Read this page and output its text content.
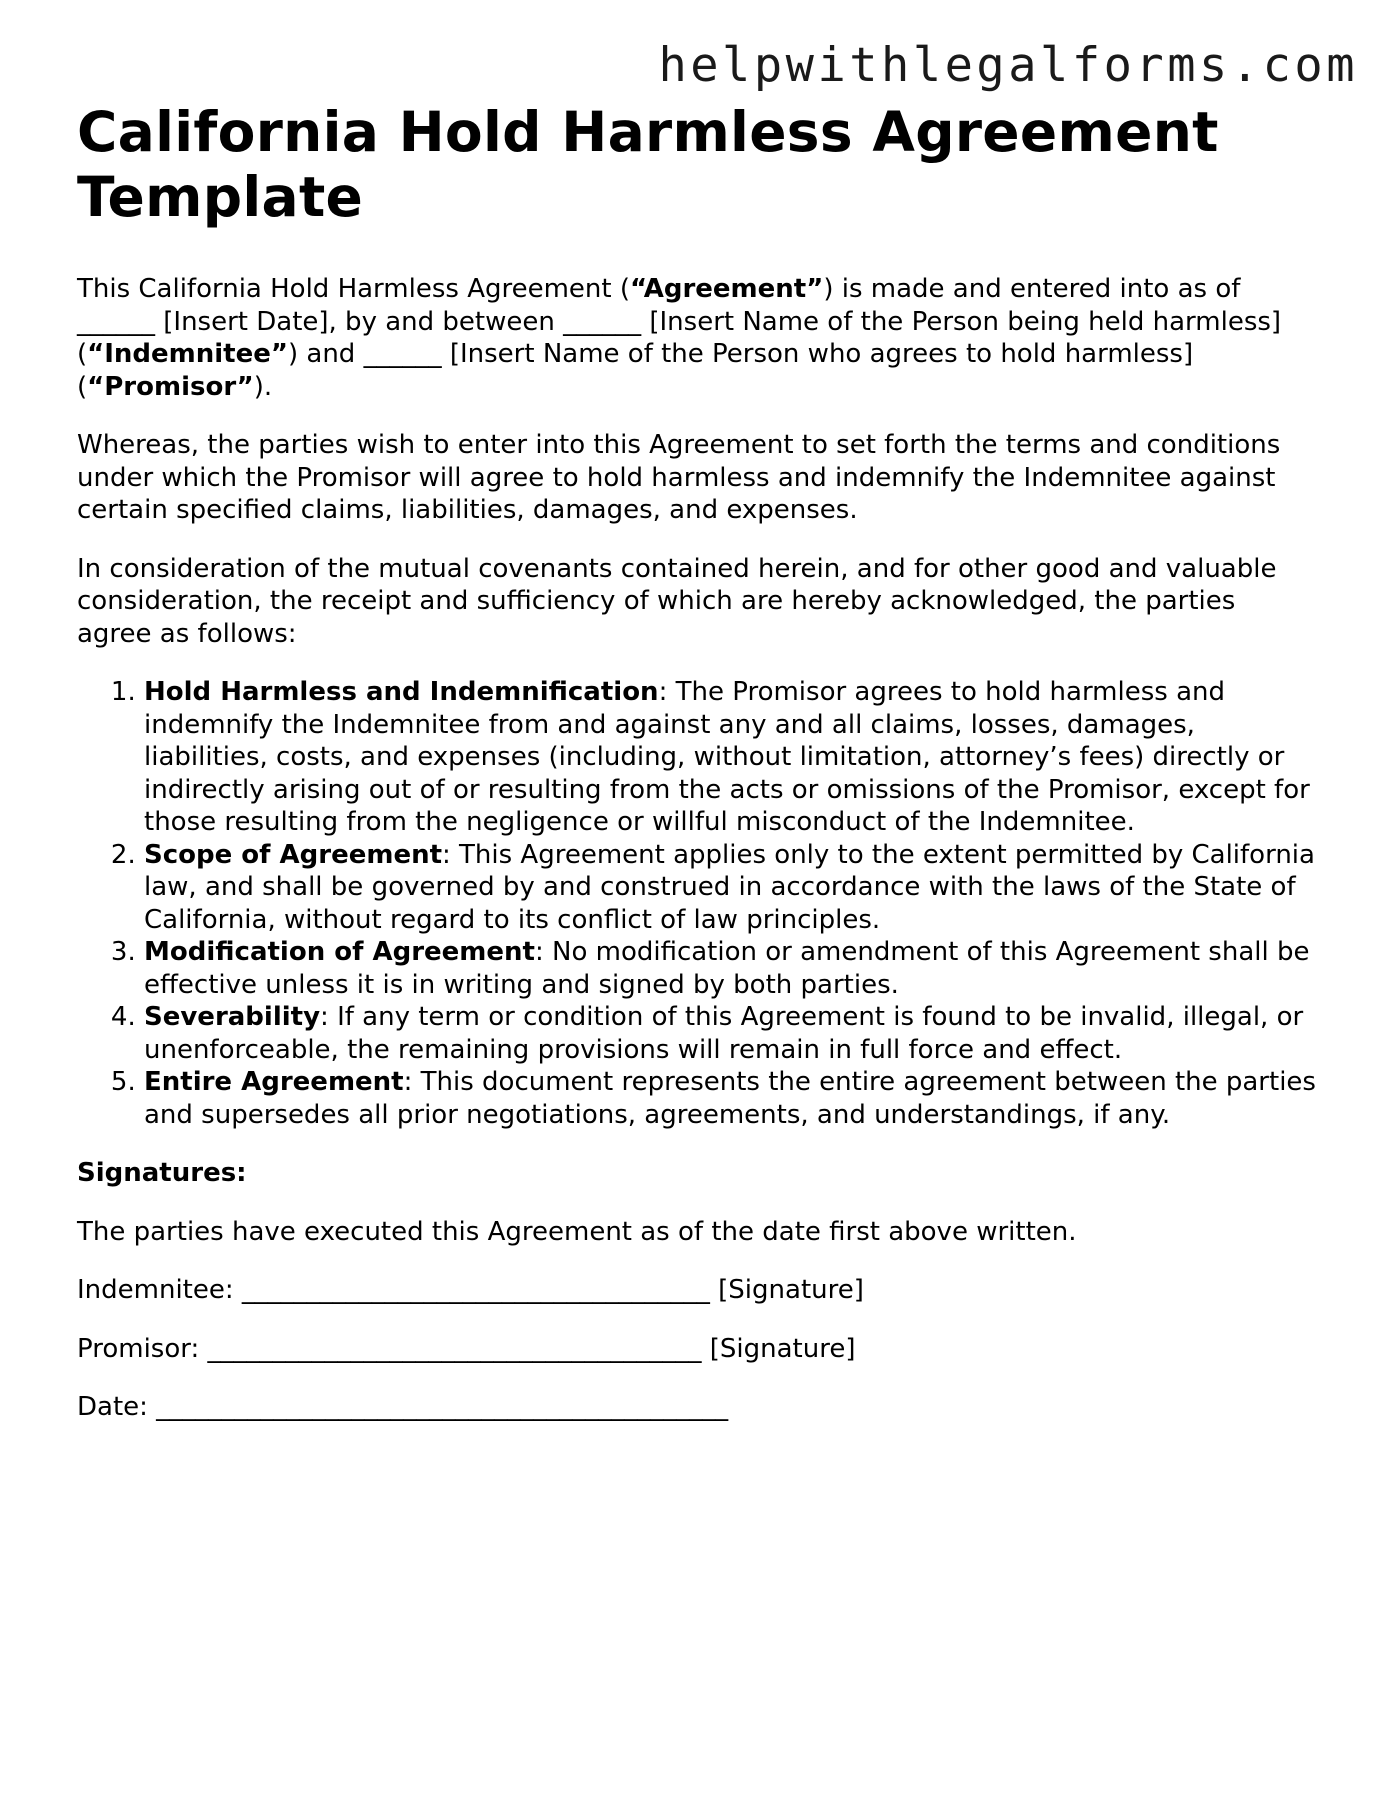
helpwithlegalforms.com
California Hold Harmless Agreement Template

This California Hold Harmless Agreement (“Agreement”) is made and entered into as of ______ [Insert Date], by and between ______ [Insert Name of the Person being held harmless] (“Indemnitee”) and ______ [Insert Name of the Person who agrees to hold harmless] (“Promisor”).

Whereas, the parties wish to enter into this Agreement to set forth the terms and conditions under which the Promisor will agree to hold harmless and indemnify the Indemnitee against certain specified claims, liabilities, damages, and expenses.

In consideration of the mutual covenants contained herein, and for other good and valuable consideration, the receipt and sufficiency of which are hereby acknowledged, the parties agree as follows:

1. Hold Harmless and Indemnification: The Promisor agrees to hold harmless and indemnify the Indemnitee from and against any and all claims, losses, damages, liabilities, costs, and expenses (including, without limitation, attorney’s fees) directly or indirectly arising out of or resulting from the acts or omissions of the Promisor, except for those resulting from the negligence or willful misconduct of the Indemnitee.
2. Scope of Agreement: This Agreement applies only to the extent permitted by California law, and shall be governed by and construed in accordance with the laws of the State of California, without regard to its conflict of law principles.
3. Modification of Agreement: No modification or amendment of this Agreement shall be effective unless it is in writing and signed by both parties.
4. Severability: If any term or condition of this Agreement is found to be invalid, illegal, or unenforceable, the remaining provisions will remain in full force and effect.
5. Entire Agreement: This document represents the entire agreement between the parties and supersedes all prior negotiations, agreements, and understandings, if any.

Signatures:

The parties have executed this Agreement as of the date first above written.

Indemnitee: ____________________________________ [Signature]

Promisor: ______________________________________ [Signature]

Date: ____________________________________________
